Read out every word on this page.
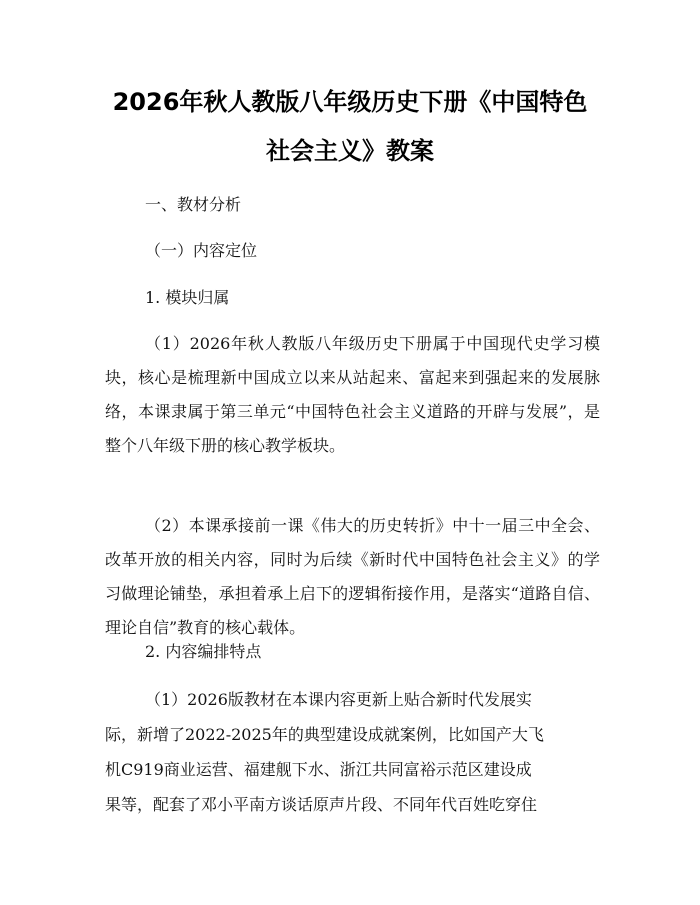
2026年秋人教版八年级历史下册《中国特色
社会主义》教案

一、教材分析

（一）内容定位

1. 模块归属

（1）2026年秋人教版八年级历史下册属于中国现代史学习模块，核心是梳理新中国成立以来从站起来、富起来到强起来的发展脉络，本课隶属于第三单元“中国特色社会主义道路的开辟与发展”，是整个八年级下册的核心教学板块。

（2）本课承接前一课《伟大的历史转折》中十一届三中全会、改革开放的相关内容，同时为后续《新时代中国特色社会主义》的学习做理论铺垫，承担着承上启下的逻辑衔接作用，是落实“道路自信、理论自信”教育的核心载体。

2. 内容编排特点

（1）2026版教材在本课内容更新上贴合新时代发展实

际，新增了2022-2025年的典型建设成就案例，比如国产大飞

机C919商业运营、福建舰下水、浙江共同富裕示范区建设成

果等，配套了邓小平南方谈话原声片段、不同年代百姓吃穿住
